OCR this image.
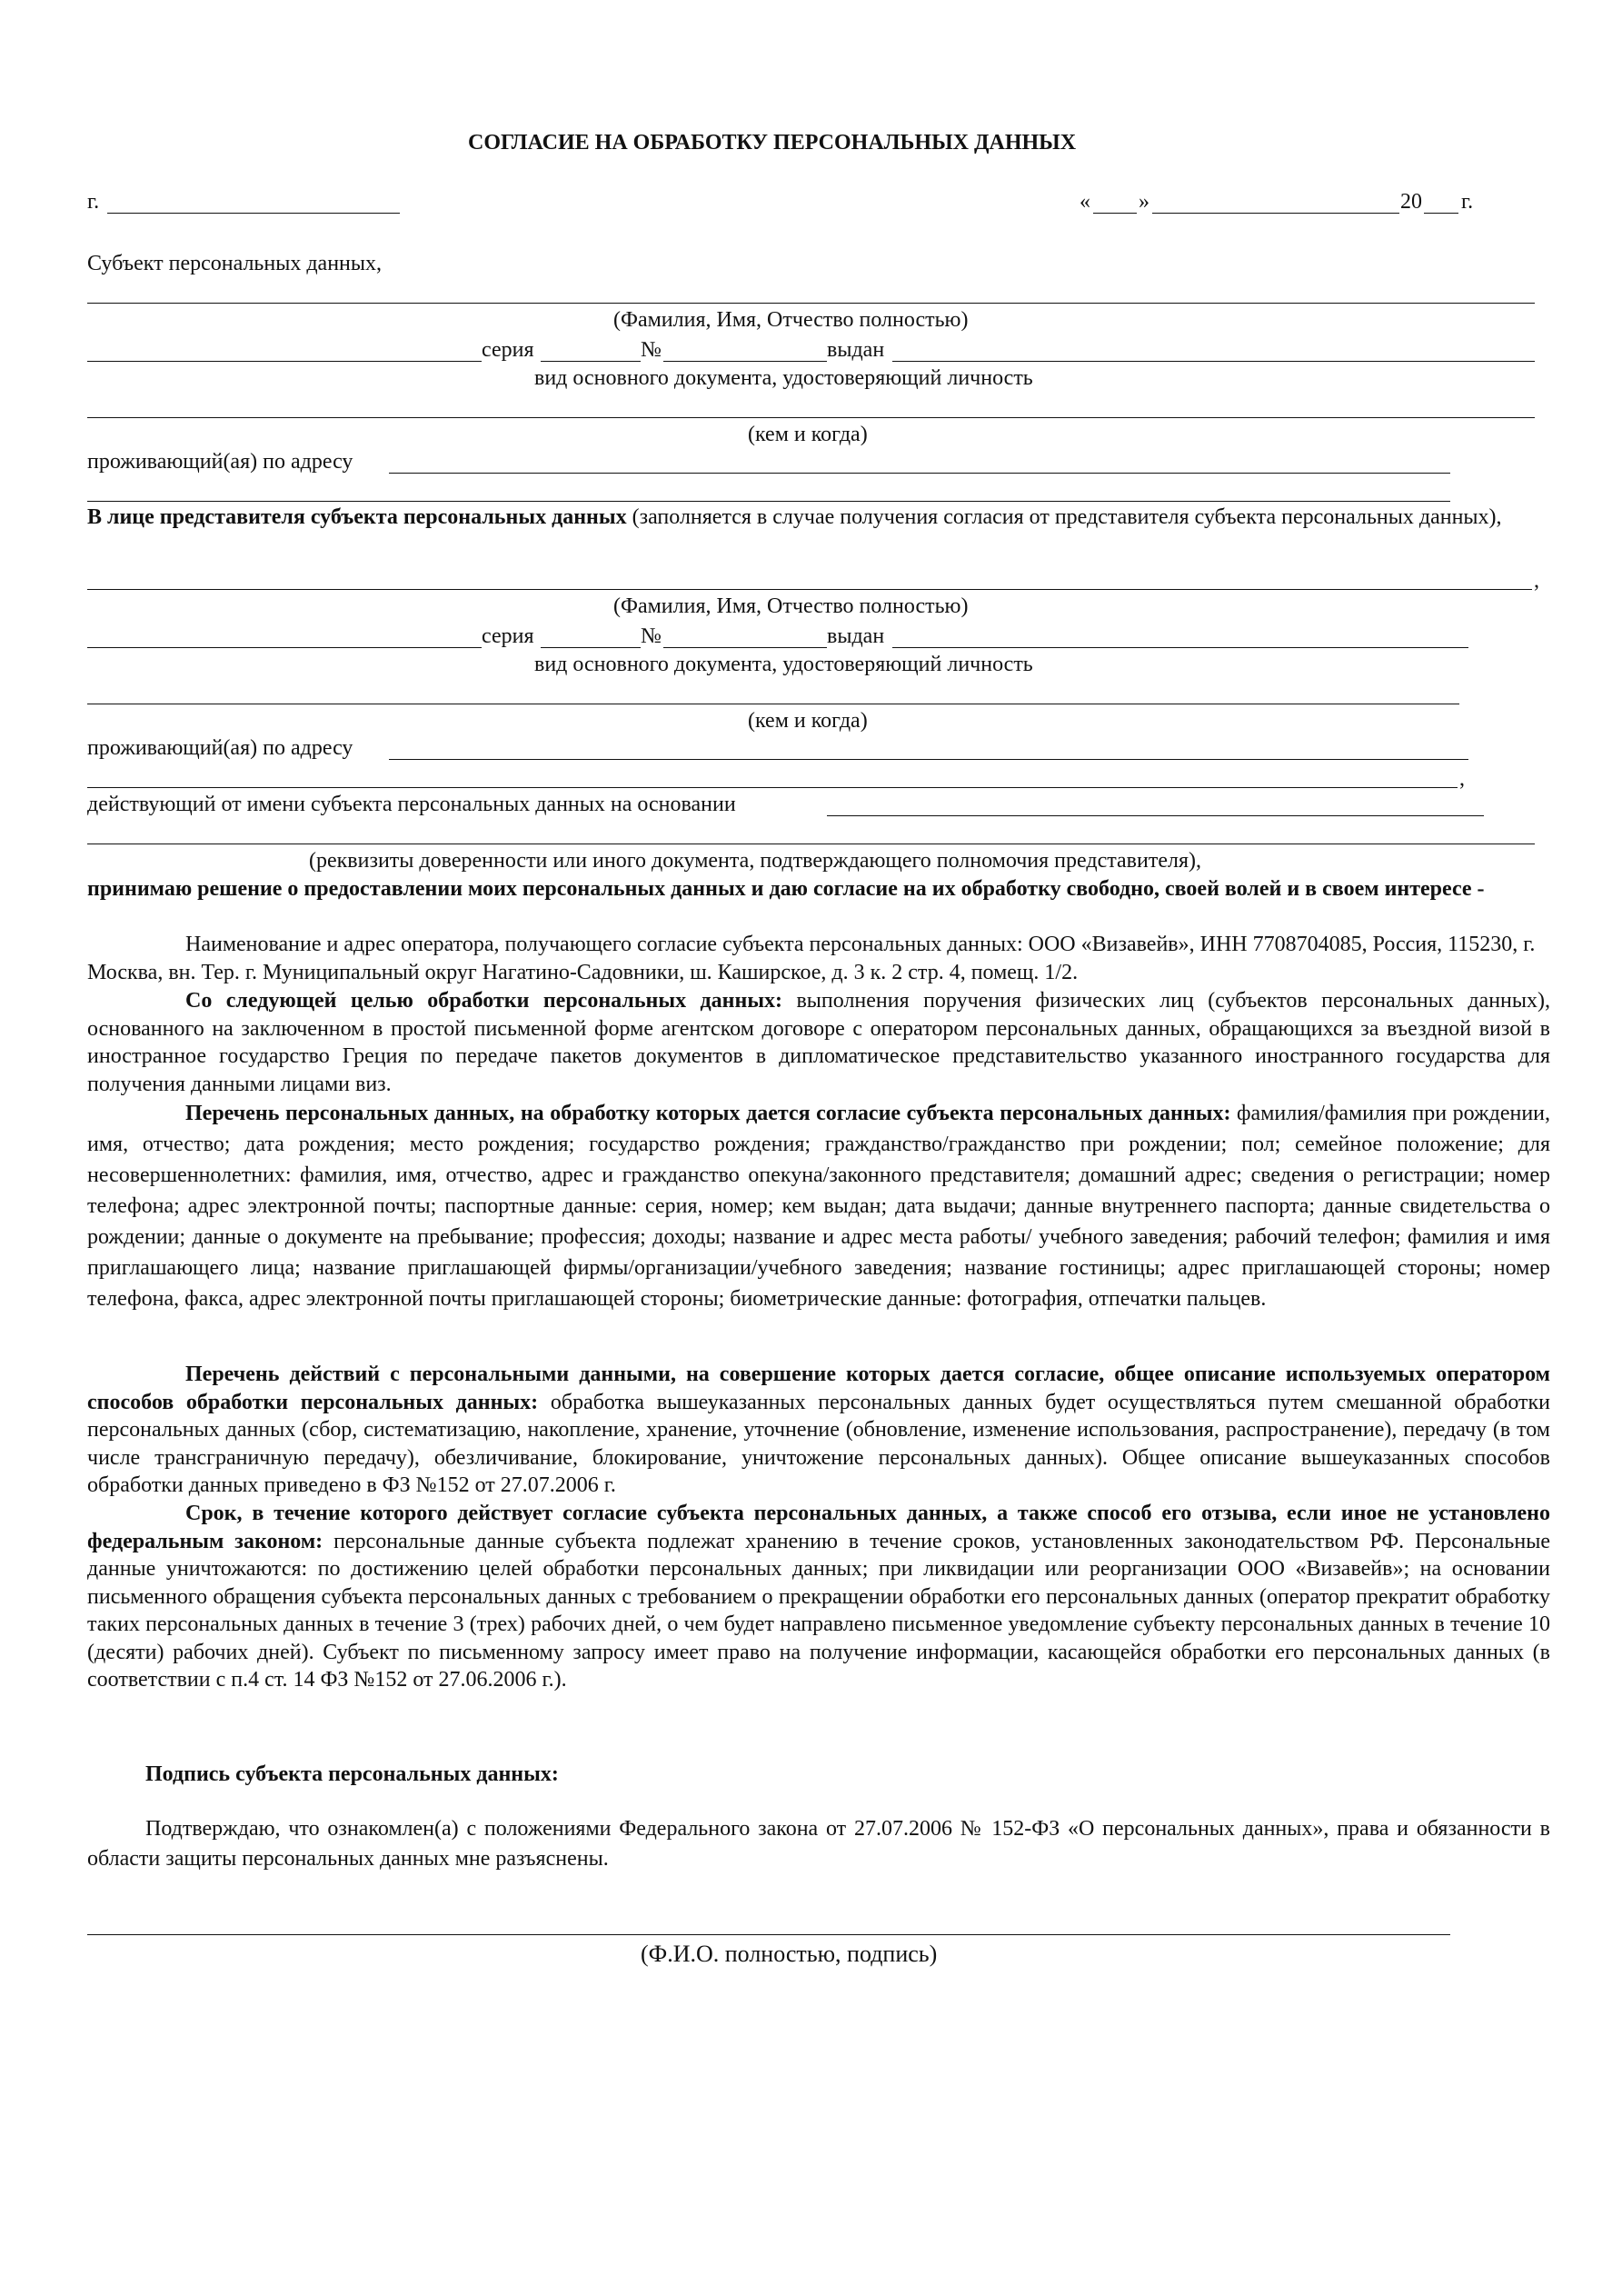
СОГЛАСИЕ НА ОБРАБОТКУ ПЕРСОНАЛЬНЫХ ДАННЫХ
г.	« »	20 г.
Субъект персональных данных,
(Фамилия, Имя, Отчество полностью)
серия	№	выдан
вид основного документа, удостоверяющий личность
(кем и когда)
проживающий(ая) по адресу
В лице представителя субъекта персональных данных (заполняется в случае получения согласия от представителя субъекта персональных данных),
,
(Фамилия, Имя, Отчество полностью)
серия	№	выдан
вид основного документа, удостоверяющий личность
(кем и когда)
проживающий(ая) по адресу
,
действующий от имени субъекта персональных данных на основании
(реквизиты доверенности или иного документа, подтверждающего полномочия представителя),
принимаю решение о предоставлении моих персональных данных и даю согласие на их обработку свободно, своей волей и в своем интересе -
Наименование и адрес оператора, получающего согласие субъекта персональных данных: ООО «Визавейв», ИНН 7708704085, Россия, 115230, г. Москва, вн. Тер. г. Муниципальный округ Нагатино-Садовники, ш. Каширское, д. 3 к. 2 стр. 4, помещ. 1/2.
Со следующей целью обработки персональных данных: выполнения поручения физических лиц (субъектов персональных данных), основанного на заключенном в простой письменной форме агентском договоре с оператором персональных данных, обращающихся за въездной визой в иностранное государство Греция по передаче пакетов документов в дипломатическое представительство указанного иностранного государства для получения данными лицами виз.
Перечень персональных данных, на обработку которых дается согласие субъекта персональных данных: фамилия/фамилия при рождении, имя, отчество; дата рождения; место рождения; государство рождения; гражданство/гражданство при рождении; пол; семейное положение; для несовершеннолетних: фамилия, имя, отчество, адрес и гражданство опекуна/законного представителя; домашний адрес; сведения о регистрации; номер телефона; адрес электронной почты; паспортные данные: серия, номер; кем выдан; дата выдачи; данные внутреннего паспорта; данные свидетельства о рождении; данные о документе на пребывание; профессия; доходы; название и адрес места работы/ учебного заведения; рабочий телефон; фамилия и имя приглашающего лица; название приглашающей фирмы/организации/учебного заведения; название гостиницы; адрес приглашающей стороны; номер телефона, факса, адрес электронной почты приглашающей стороны; биометрические данные: фотография, отпечатки пальцев.
Перечень действий с персональными данными, на совершение которых дается согласие, общее описание используемых оператором способов обработки персональных данных: обработка вышеуказанных персональных данных будет осуществляться путем смешанной обработки персональных данных (сбор, систематизацию, накопление, хранение, уточнение (обновление, изменение использования, распространение), передачу (в том числе трансграничную передачу), обезличивание, блокирование, уничтожение персональных данных). Общее описание вышеуказанных способов обработки данных приведено в ФЗ №152 от 27.07.2006 г.
Срок, в течение которого действует согласие субъекта персональных данных, а также способ его отзыва, если иное не установлено федеральным законом: персональные данные субъекта подлежат хранению в течение сроков, установленных законодательством РФ. Персональные данные уничтожаются: по достижению целей обработки персональных данных; при ликвидации или реорганизации ООО «Визавейв»; на основании письменного обращения субъекта персональных данных с требованием о прекращении обработки его персональных данных (оператор прекратит обработку таких персональных данных в течение 3 (трех) рабочих дней, о чем будет направлено письменное уведомление субъекту персональных данных в течение 10 (десяти) рабочих дней). Субъект по письменному запросу имеет право на получение информации, касающейся обработки его персональных данных (в соответствии с п.4 ст. 14 ФЗ №152 от 27.06.2006 г.).
Подпись субъекта персональных данных:
Подтверждаю, что ознакомлен(а) с положениями Федерального закона от 27.07.2006 № 152-ФЗ «О персональных данных», права и обязанности в области защиты персональных данных мне разъяснены.
(Ф.И.О. полностью, подпись)
